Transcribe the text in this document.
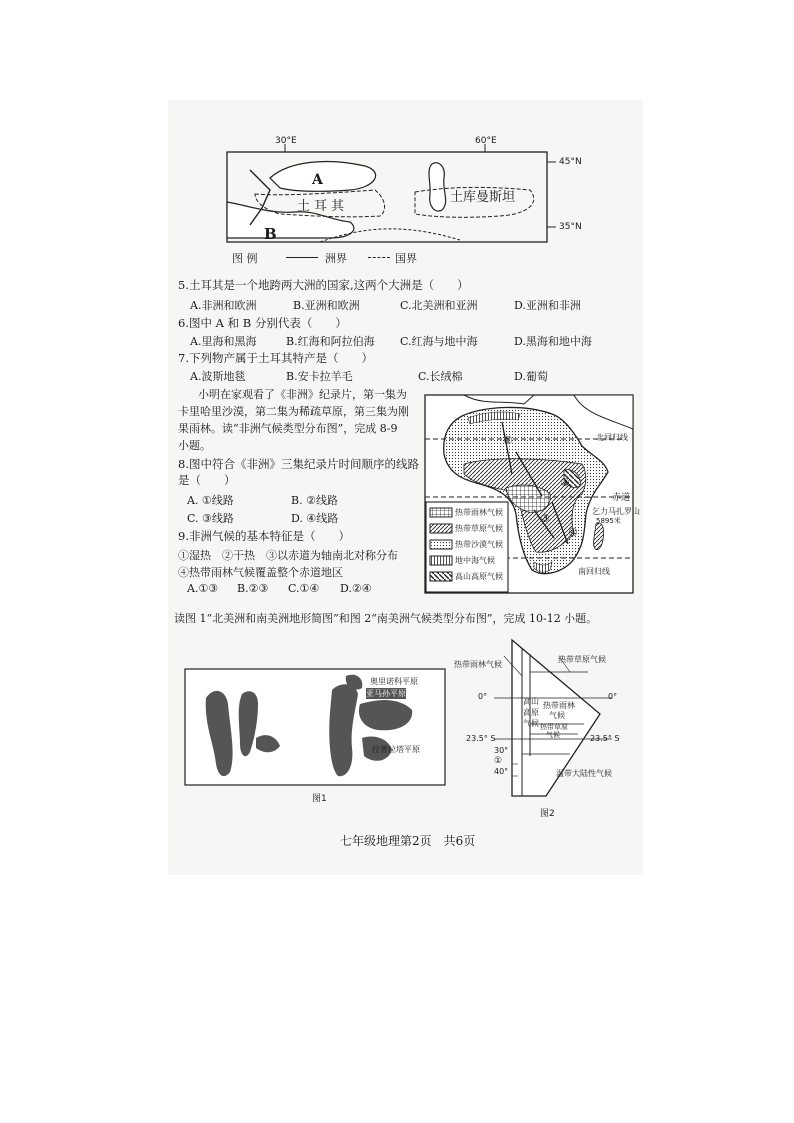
30°E	60°E
45°N
35°N
A
B
土耳其
土库曼斯坦
图 例	洲界	国界
5.土耳其是一个地跨两大洲的国家,这两个大洲是（　　）
A.非洲和欧洲	B.亚洲和欧洲	C.北美洲和亚洲	D.亚洲和非洲
6.图中 A 和 B 分别代表（　　）
A.里海和黑海	B.红海和阿拉伯海 C.红海与地中海	D.黑海和地中海
7.下列物产属于土耳其特产是（　　）
A.波斯地毯	B.安卡拉羊毛	C.长绒棉	D.葡萄
小明在家观看了《非洲》纪录片，第一集为
卡里哈里沙漠，第二集为稀疏草原，第三集为刚
果雨林。读“非洲气候类型分布图”，完成 8-9
小题。
8.图中符合《非洲》三集纪录片时间顺序的线路
是（　　）
A. ①线路	B. ②线路
C. ③线路	D. ④线路
9.非洲气候的基本特征是（　　）
①湿热　②干热　③以赤道为轴南北对称分布
④热带雨林气候覆盖整个赤道地区
A.①③ B.②③ C.①④ D.②④
热带雨林气候
热带草原气候
热带沙漠气候
地中海气候
高山高原气候
北回归线
赤道
乞力马扎罗山
5895米
南回归线
①
②
③
④
读图 1“北美洲和南美洲地形简图”和图 2“南美洲气候类型分布图”，完成 10-12 小题。
亚马孙平原
拉普拉塔平原
奥里诺科平原
图1
热带雨林气候
热带草原气候
0°	0°
高山
高原
气候
热带雨林
气候
热带草原
气候
23.5° S	23.5° S
30°
①
40°	温带大陆性气候
图2
七年级地理第2页　共6页
